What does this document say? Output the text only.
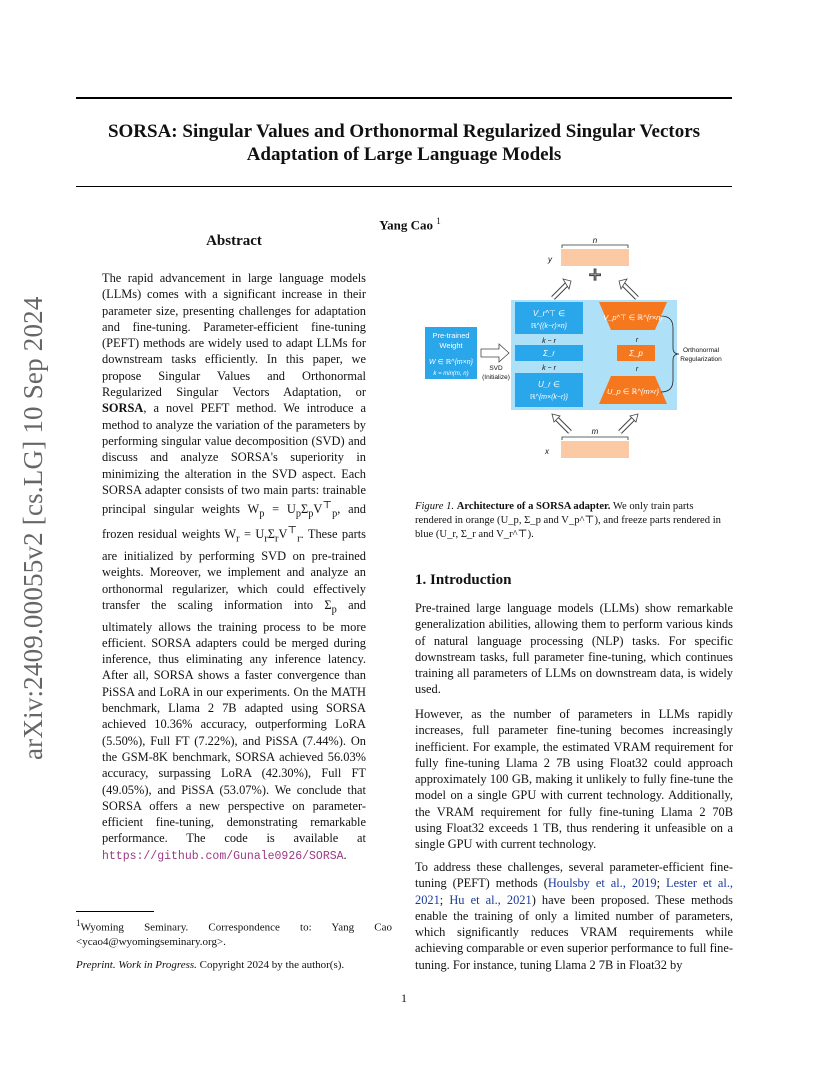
SORSA: Singular Values and Orthonormal Regularized Singular Vectors
Adaptation of Large Language Models
arXiv:2409.00055v2 [cs.LG] 10 Sep 2024
Yang Cao $^1$
Abstract
The rapid advancement in large language models (LLMs) comes with a significant increase in their parameter size, presenting challenges for adaptation and fine-tuning. Parameter-efficient fine-tuning (PEFT) methods are widely used to adapt LLMs for downstream tasks efficiently. In this paper, we propose Singular Values and Orthonormal Regularized Singular Vectors Adaptation, or SORSA, a novel PEFT method. We introduce a method to analyze the variation of the parameters by performing singular value decomposition (SVD) and discuss and analyze SORSA's superiority in minimizing the alteration in the SVD aspect. Each SORSA adapter consists of two main parts: trainable principal singular weights $W_p = U_p\Sigma_pV^⊤_p$, and frozen residual weights $W_r = U_r\Sigma_rV^⊤_r$. These parts are initialized by performing SVD on pre-trained weights. Moreover, we implement and analyze an orthonormal regularizer, which could effectively transfer the scaling information into $\Sigma_p$ and ultimately allows the training process to be more efficient. SORSA adapters could be merged during inference, thus eliminating any inference latency. After all, SORSA shows a faster convergence than PiSSA and LoRA in our experiments. On the MATH benchmark, Llama 2 7B adapted using SORSA achieved 10.36% accuracy, outperforming LoRA (5.50%), Full FT (7.22%), and PiSSA (7.44%). On the GSM-8K benchmark, SORSA achieved 56.03% accuracy, surpassing LoRA (42.30%), Full FT (49.05%), and PiSSA (53.07%). We conclude that SORSA offers a new perspective on parameter-efficient fine-tuning, demonstrating remarkable performance. The code is available at https://github.com/Gunale0926/SORSA.
$^1$Wyoming Seminary. Correspondence to: Yang Cao <ycao4@wyomingseminary.org>.
Preprint. Work in Progress. Copyright 2024 by the author(s).
1
n
y
+
V_r^⊤ ∈
ℝ^{(k−r)×n}
k − r
Σ_r
k − r
U_r ∈
ℝ^{m×(k−r)}
V_p^⊤ ∈ ℝ^{r×n}
r
Σ_p
r
U_p ∈ ℝ^{m×r}
Orthonormal
Regularization
Pre-trained
Weight
W ∈ ℝ^{m×n}
k = min(m, n)
SVD
(Initialize)
m
x
Figure 1. Architecture of a SORSA adapter. We only train parts rendered in orange (U_p, Σ_p and V_p^⊤), and freeze parts rendered in blue (U_r, Σ_r and V_r^⊤).
1. Introduction
Pre-trained large language models (LLMs) show remarkable generalization abilities, allowing them to perform various kinds of natural language processing (NLP) tasks. For specific downstream tasks, full parameter fine-tuning, which continues training all parameters of LLMs on downstream data, is widely used.
However, as the number of parameters in LLMs rapidly increases, full parameter fine-tuning becomes increasingly inefficient. For example, the estimated VRAM requirement for fully fine-tuning Llama 2 7B using Float32 could approach approximately 100 GB, making it unlikely to fully fine-tune the model on a single GPU with current technology. Additionally, the VRAM requirement for fully fine-tuning Llama 2 70B using Float32 exceeds 1 TB, thus rendering it unfeasible on a single GPU with current technology.
To address these challenges, several parameter-efficient fine-tuning (PEFT) methods (Houlsby et al., 2019; Lester et al., 2021; Hu et al., 2021) have been proposed. These methods enable the training of only a limited number of parameters, which significantly reduces VRAM requirements while achieving comparable or even superior performance to full fine-tuning. For instance, tuning Llama 2 7B in Float32 by
